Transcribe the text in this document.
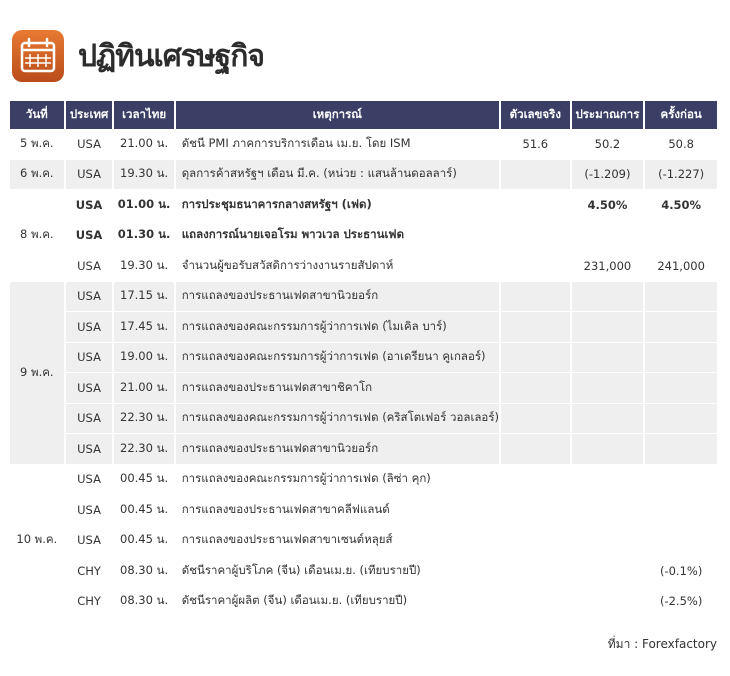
ปฏิทินเศรษฐกิจ
วันที่	ประเทศ	เวลาไทย	เหตุการณ์	ตัวเลขจริง	ประมาณการ	ครั้งก่อน
5 พ.ค.	USA	21.00 น.	ดัชนี PMI ภาคการบริการเดือน เม.ย. โดย ISM	51.6	50.2	50.8
6 พ.ค.	USA	19.30 น.	ดุลการค้าสหรัฐฯ เดือน มี.ค. (หน่วย : แสนล้านดอลลาร์)		(-1.209)	(-1.227)
8 พ.ค.	USA	01.00 น.	การประชุมธนาคารกลางสหรัฐฯ (เฟด)		4.50%	4.50%
	USA	01.30 น.	แถลงการณ์นายเจอโรม พาวเวล ประธานเฟด			
	USA	19.30 น.	จำนวนผู้ขอรับสวัสดิการว่างงานรายสัปดาห์		231,000	241,000
9 พ.ค.	USA	17.15 น.	การแถลงของประธานเฟดสาขานิวยอร์ก			
	USA	17.45 น.	การแถลงของคณะกรรมการผู้ว่าการเฟด (ไมเคิล บาร์)			
	USA	19.00 น.	การแถลงของคณะกรรมการผู้ว่าการเฟด (อาเดรียนา คูเกลอร์)			
	USA	21.00 น.	การแถลงของประธานเฟดสาขาชิคาโก			
	USA	22.30 น.	การแถลงของคณะกรรมการผู้ว่าการเฟด (คริสโตเฟอร์ วอลเลอร์)			
	USA	22.30 น.	การแถลงของประธานเฟดสาขานิวยอร์ก			
10 พ.ค.	USA	00.45 น.	การแถลงของคณะกรรมการผู้ว่าการเฟด (ลิซ่า คุก)			
	USA	00.45 น.	การแถลงของประธานเฟดสาขาคลีฟแลนด์			
	USA	00.45 น.	การแถลงของประธานเฟดสาขาเซนต์หลุยส์			
	CHY	08.30 น.	ดัชนีราคาผู้บริโภค (จีน) เดือนเม.ย. (เทียบรายปี)			(-0.1%)
	CHY	08.30 น.	ดัชนีราคาผู้ผลิต (จีน) เดือนเม.ย. (เทียบรายปี)			(-2.5%)
ที่มา : Forexfactory
